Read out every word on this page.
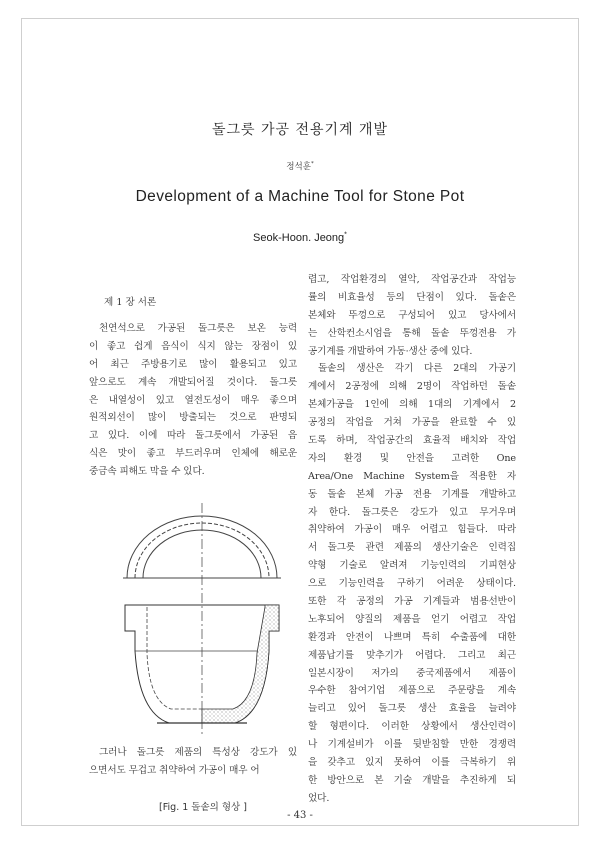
돌그릇 가공 전용기계 개발
정석훈*
Development of a Machine Tool for Stone Pot
Seok-Hoon. Jeong*
제 1 장 서론
천연석으로 가공된 돌그릇은 보온 능력
이 좋고 쉽게 음식이 식지 않는 장점이 있
어 최근 주방용기로 많이 활용되고 있고
앞으로도 계속 개발되어질 것이다. 돌그릇
은 내열성이 있고 열전도성이 매우 좋으며
원적외선이 많이 방출되는 것으로 판명되
고 있다. 이에 따라 돌그릇에서 가공된 음
식은 맛이 좋고 부드러우며 인체에 해로운
중금속 피해도 막을 수 있다.
[Fig. 1 돌솥의 형상 ]
그러나 돌그릇 제품의 특성상 강도가 있
으면서도 무겁고 취약하여 가공이 매우 어
렵고, 작업환경의 열악, 작업공간과 작업능
률의 비효율성 등의 단점이 있다. 돌솥은
본체와 뚜껑으로 구성되어 있고 당사에서
는 산학컨소시엄을 통해 돌솥 뚜껑전용 가
공기계를 개발하여 가동·생산 중에 있다.
돌솥의 생산은 각기 다른 2대의 가공기
계에서 2공정에 의해 2명이 작업하던 돌솥
본체가공을 1인에 의해 1대의 기계에서 2
공정의 작업을 거쳐 가공을 완료할 수 있
도록 하며, 작업공간의 효율적 배치와 작업
자의 환경 및 안전을 고려한 One
Area/One Machine System을 적용한 자
동 돌솥 본체 가공 전용 기계를 개발하고
자 한다. 돌그릇은 강도가 있고 무거우며
취약하여 가공이 매우 어렵고 힘들다. 따라
서 돌그릇 관련 제품의 생산기술은 인력집
약형 기술로 알려져 기능인력의 기피현상
으로 기능인력을 구하기 어려운 상태이다.
또한 각 공정의 가공 기계들과 범용선반이
노후되어 양질의 제품을 얻기 어렵고 작업
환경과 안전이 나쁘며 특히 수출품에 대한
제품납기를 맞추기가 어렵다. 그리고 최근
일본시장이 저가의 중국제품에서 제품이
우수한 참여기업 제품으로 주문량을 계속
늘리고 있어 돌그릇 생산 효율을 늘려야
할 형편이다. 이러한 상황에서 생산인력이
나 기계설비가 이를 뒷받침할 만한 경쟁력
을 갖추고 있지 못하여 이를 극복하기 위
한 방안으로 본 기술 개발을 추진하게 되
었다.
- 43 -
